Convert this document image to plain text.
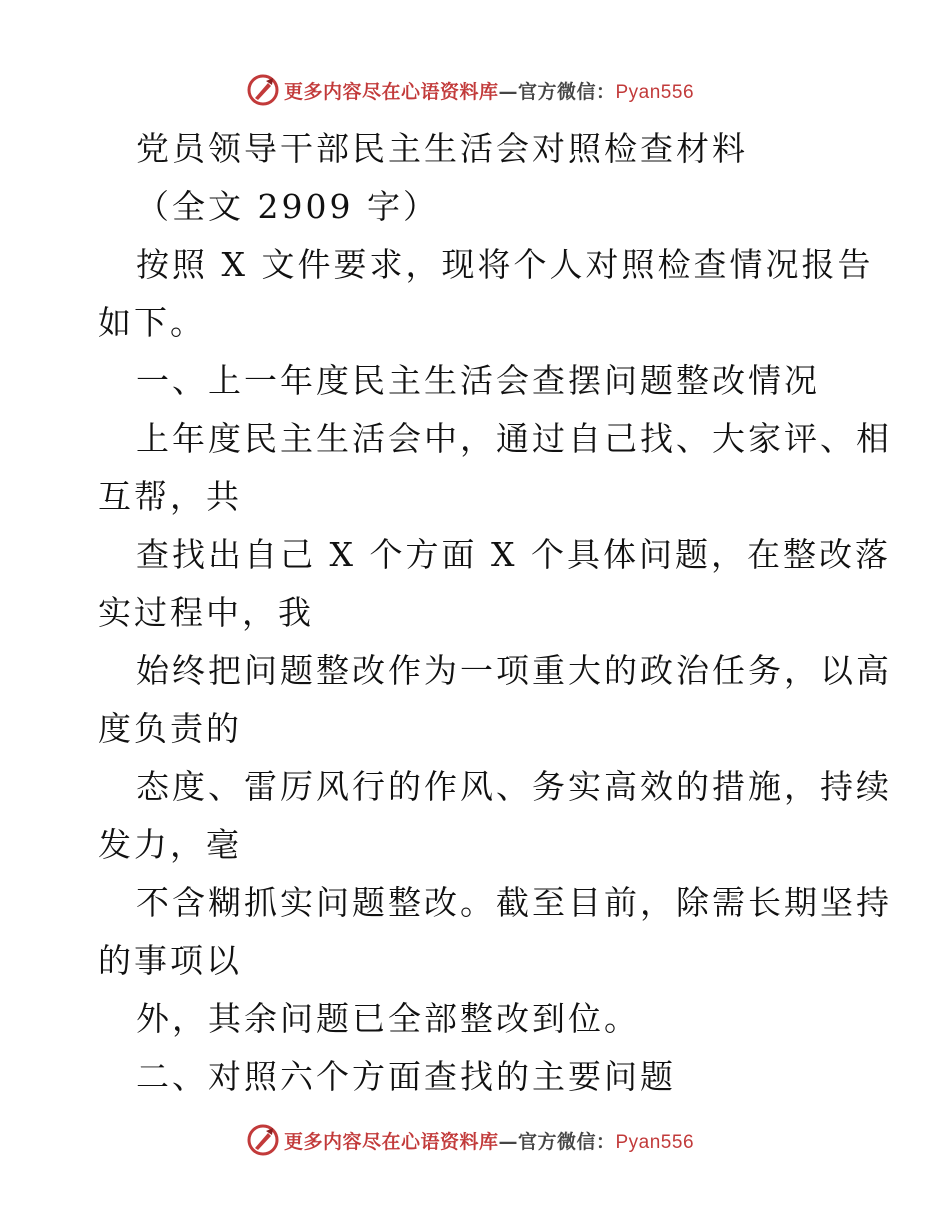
更多内容尽在心语资料库—官方微信：Pyan556
党员领导干部民主生活会对照检查材料
（全文 2909 字）
按照 X 文件要求，现将个人对照检查情况报告
如下。
一、上一年度民主生活会查摆问题整改情况
上年度民主生活会中，通过自己找、大家评、相
互帮，共
查找出自己 X 个方面 X 个具体问题，在整改落
实过程中，我
始终把问题整改作为一项重大的政治任务，以高
度负责的
态度、雷厉风行的作风、务实高效的措施，持续
发力，毫
不含糊抓实问题整改。截至目前，除需长期坚持
的事项以
外，其余问题已全部整改到位。
二、对照六个方面查找的主要问题
更多内容尽在心语资料库—官方微信：Pyan556
